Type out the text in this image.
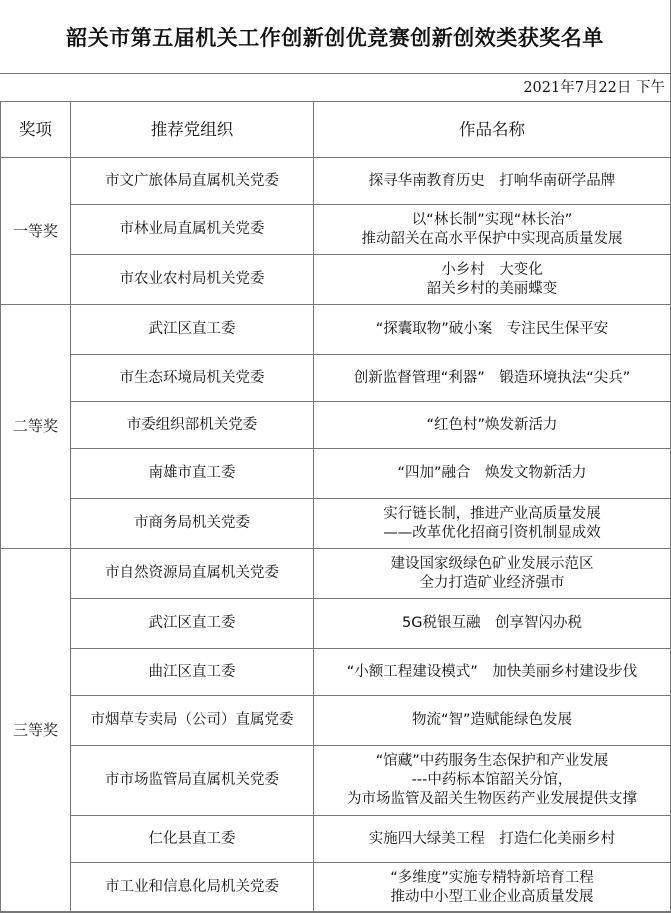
韶关市第五届机关工作创新创优竞赛创新创效类获奖名单
2021年7月22日 下午
奖项	推荐党组织	作品名称
一等奖	市文广旅体局直属机关党委	探寻华南教育历史　打响华南研学品牌

	市林业局直属机关党委	以“林长制”实现“林长治”
推动韶关在高水平保护中实现高质量发展

	市农业农村局机关党委	小乡村　大变化
韶关乡村的美丽蝶变

二等奖	武江区直工委	“探囊取物”破小案　专注民生保平安

	市生态环境局机关党委	创新监督管理“利器”　锻造环境执法“尖兵”

	市委组织部机关党委	“红色村”焕发新活力

	南雄市直工委	“四加”融合　焕发文物新活力

	市商务局机关党委	实行链长制，推进产业高质量发展
——改革优化招商引资机制显成效

三等奖	市自然资源局直属机关党委	建设国家级绿色矿业发展示范区
全力打造矿业经济强市

	武江区直工委	5G税银互融　创享智闪办税

	曲江区直工委	“小额工程建设模式”　加快美丽乡村建设步伐

	市烟草专卖局（公司）直属党委	物流“智”造赋能绿色发展

	市市场监管局直属机关党委	“馆藏”中药服务生态保护和产业发展
---中药标本馆韶关分馆，
为市场监管及韶关生物医药产业发展提供支撑

	仁化县直工委	实施四大绿美工程　打造仁化美丽乡村

	市工业和信息化局机关党委	“多维度”实施专精特新培育工程
推动中小型工业企业高质量发展
